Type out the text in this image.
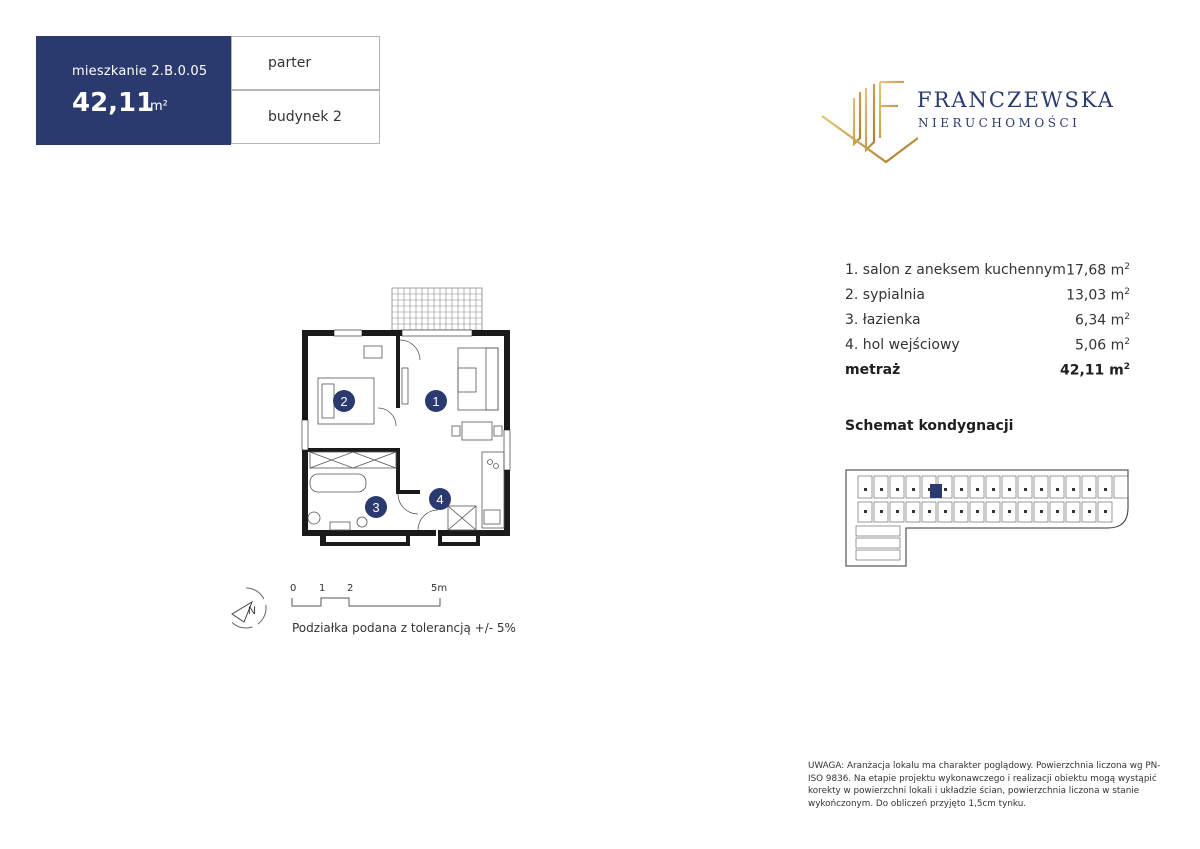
mieszkanie 2.B.0.05
42,11
m²
parter
budynek 2
FRANCZEWSKA
NIERUCHOMOŚCI
2	1
3
4
N
0 1 2	5m
Podziałka podana z tolerancją +/- 5%
1. salon z aneksem kuchennym 17,68 $m^2$
2. sypialnia	13,03 $m^2$
3. łazienka	6,34 $m^2$
4. hol wejściowy	5,06 $m^2$
metraż	42,11 $m^2$
Schemat kondygnacji
UWAGA: Aranżacja lokalu ma charakter poglądowy. Powierzchnia liczona wg PN-ISO 9836. Na etapie projektu wykonawczego i realizacji obiektu mogą wystąpić korekty w powierzchni lokali i układzie ścian, powierzchnia liczona w stanie wykończonym. Do obliczeń przyjęto 1,5cm tynku.
